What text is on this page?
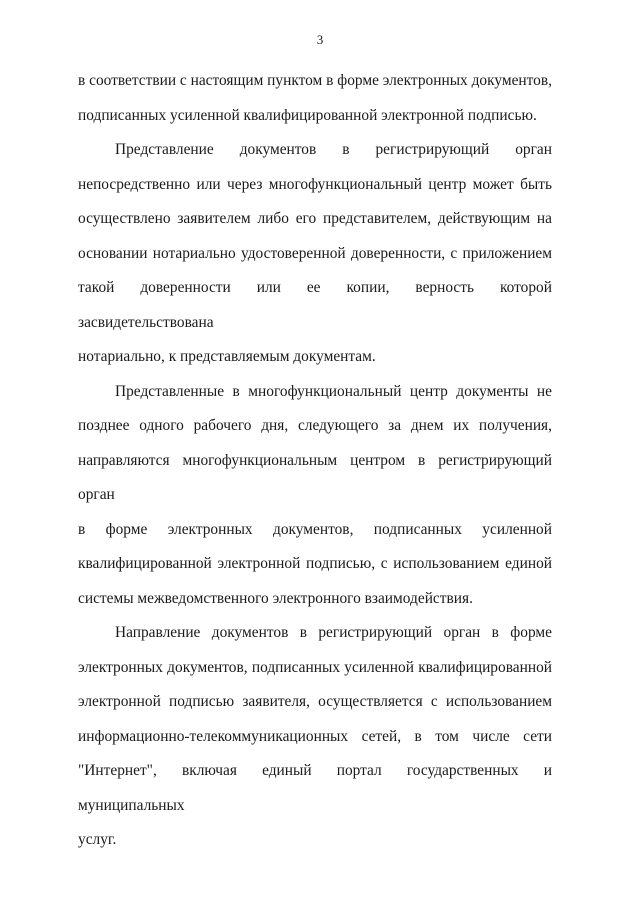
3

в соответствии с настоящим пунктом в форме электронных документов,
подписанных усиленной квалифицированной электронной подписью.

Представление документов в регистрирующий орган
непосредственно или через многофункциональный центр может быть
осуществлено заявителем либо его представителем, действующим на
основании нотариально удостоверенной доверенности, с приложением
такой доверенности или ее копии, верность которой засвидетельствована
нотариально, к представляемым документам.

Представленные в многофункциональный центр документы не
позднее одного рабочего дня, следующего за днем их получения,
направляются многофункциональным центром в регистрирующий орган
в форме электронных документов, подписанных усиленной
квалифицированной электронной подписью, с использованием единой
системы межведомственного электронного взаимодействия.

Направление документов в регистрирующий орган в форме
электронных документов, подписанных усиленной квалифицированной
электронной подписью заявителя, осуществляется с использованием
информационно-телекоммуникационных сетей, в том числе сети
"Интернет", включая единый портал государственных и муниципальных
услуг.
